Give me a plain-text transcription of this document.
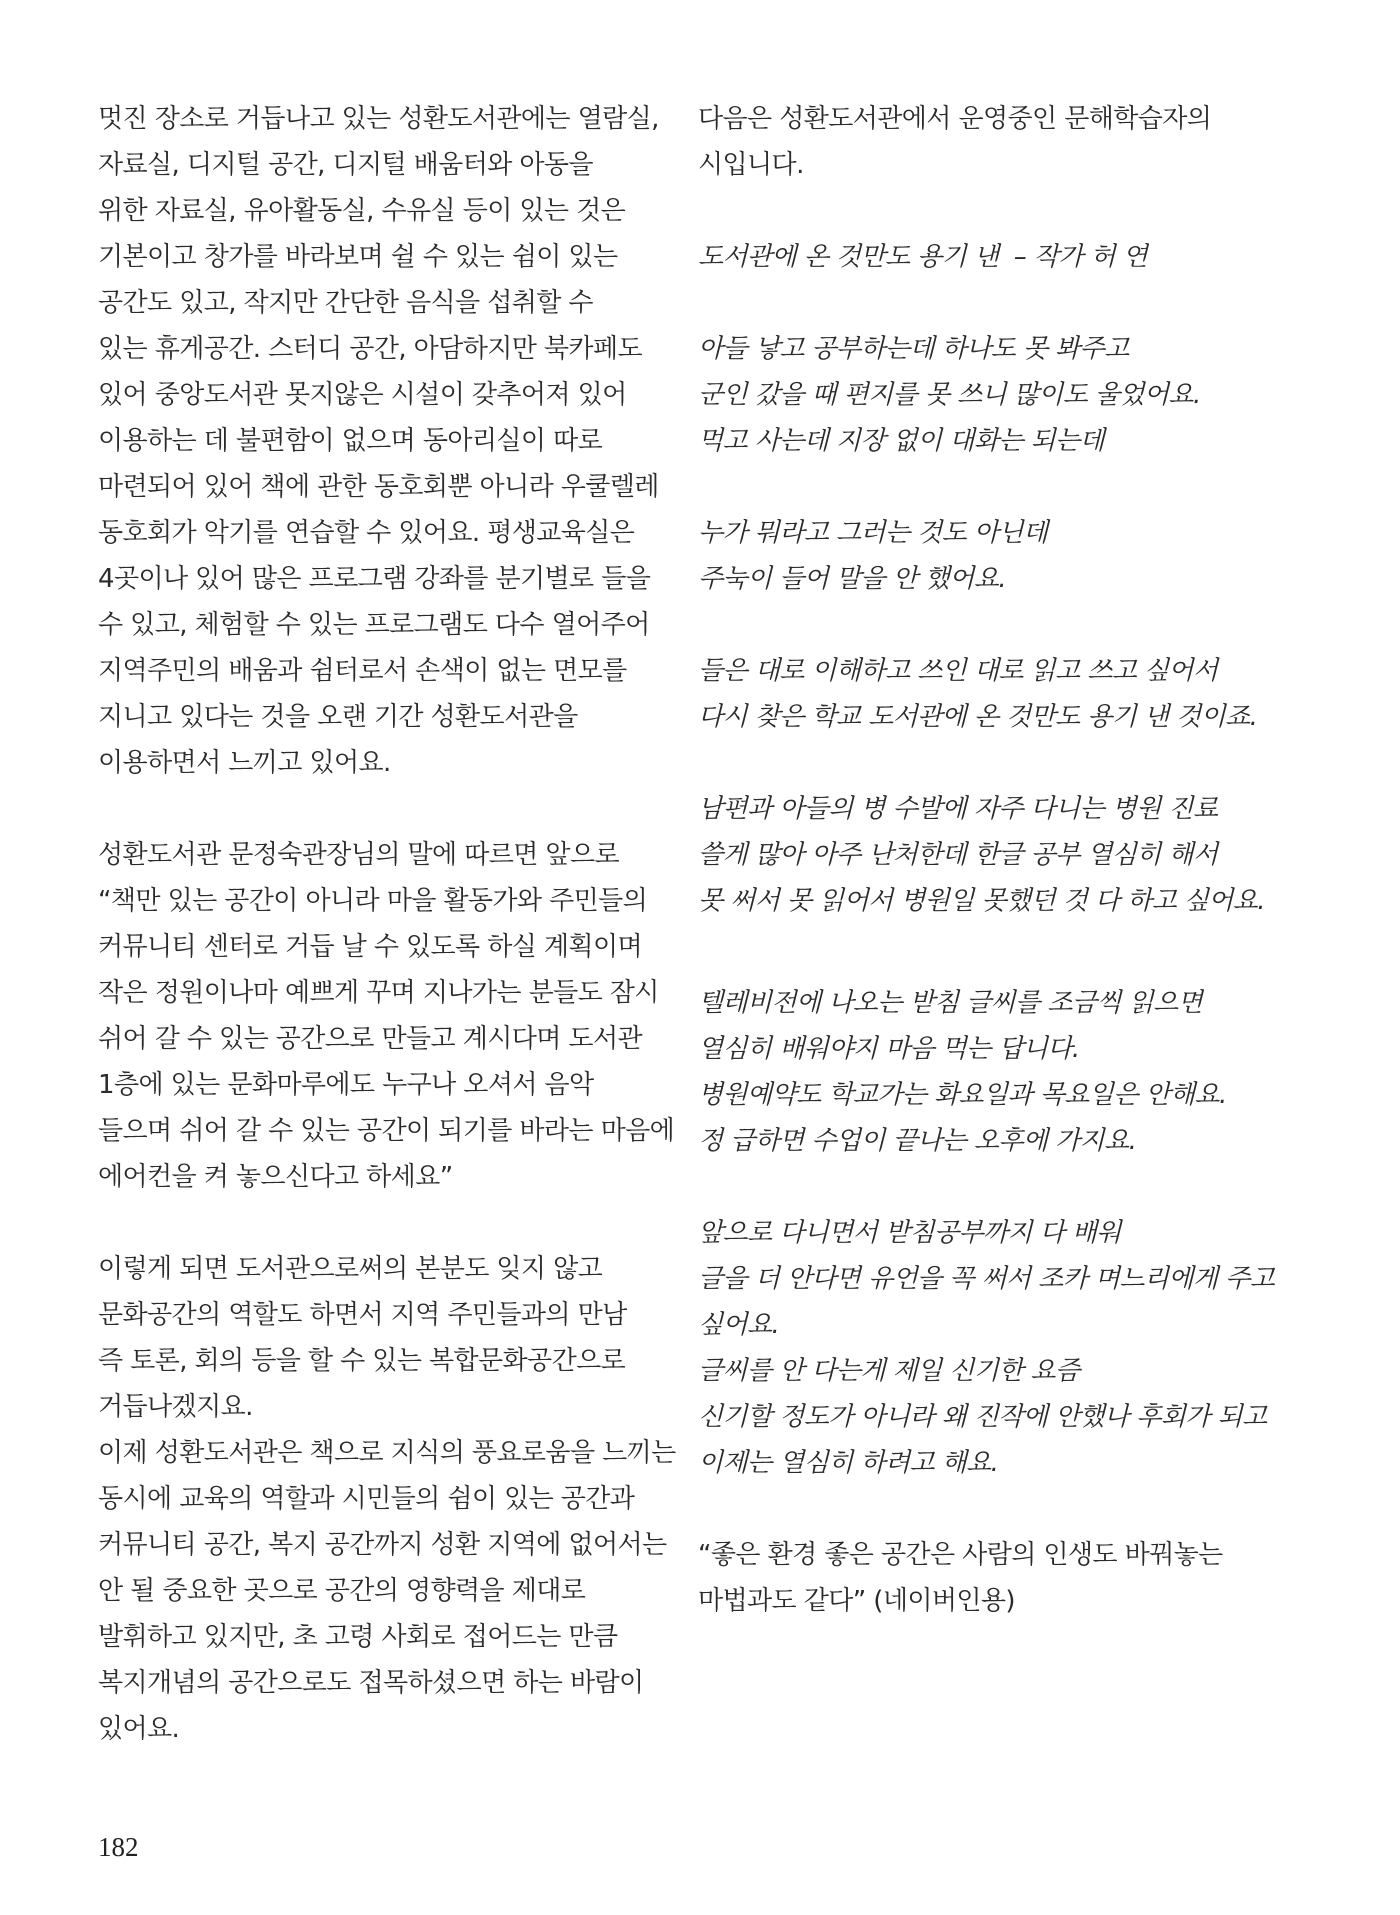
멋진 장소로 거듭나고 있는 성환도서관에는 열람실,
자료실, 디지털 공간, 디지털 배움터와 아동을
위한 자료실, 유아활동실, 수유실 등이 있는 것은
기본이고 창가를 바라보며 쉴 수 있는 쉼이 있는
공간도 있고, 작지만 간단한 음식을 섭취할 수
있는 휴게공간. 스터디 공간, 아담하지만 북카페도
있어 중앙도서관 못지않은 시설이 갖추어져 있어
이용하는 데 불편함이 없으며 동아리실이 따로
마련되어 있어 책에 관한 동호회뿐 아니라 우쿨렐레
동호회가 악기를 연습할 수 있어요. 평생교육실은
4곳이나 있어 많은 프로그램 강좌를 분기별로 들을
수 있고, 체험할 수 있는 프로그램도 다수 열어주어
지역주민의 배움과 쉼터로서 손색이 없는 면모를
지니고 있다는 것을 오랜 기간 성환도서관을
이용하면서 느끼고 있어요.
성환도서관 문정숙관장님의 말에 따르면 앞으로
“책만 있는 공간이 아니라 마을 활동가와 주민들의
커뮤니티 센터로 거듭 날 수 있도록 하실 계획이며
작은 정원이나마 예쁘게 꾸며 지나가는 분들도 잠시
쉬어 갈 수 있는 공간으로 만들고 계시다며 도서관
1층에 있는 문화마루에도 누구나 오셔서 음악
들으며 쉬어 갈 수 있는 공간이 되기를 바라는 마음에
에어컨을 켜 놓으신다고 하세요”
이렇게 되면 도서관으로써의 본분도 잊지 않고
문화공간의 역할도 하면서 지역 주민들과의 만남
즉 토론, 회의 등을 할 수 있는 복합문화공간으로
거듭나겠지요.
이제 성환도서관은 책으로 지식의 풍요로움을 느끼는
동시에 교육의 역할과 시민들의 쉼이 있는 공간과
커뮤니티 공간, 복지 공간까지 성환 지역에 없어서는
안 될 중요한 곳으로 공간의 영향력을 제대로
발휘하고 있지만, 초 고령 사회로 접어드는 만큼
복지개념의 공간으로도 접목하셨으면 하는 바람이
있어요.
다음은 성환도서관에서 운영중인 문해학습자의
시입니다.
도서관에 온 것만도 용기 낸 – 작가 허 연
아들 낳고 공부하는데 하나도 못 봐주고
군인 갔을 때 편지를 못 쓰니 많이도 울었어요.
먹고 사는데 지장 없이 대화는 되는데
누가 뭐라고 그러는 것도 아닌데
주눅이 들어 말을 안 했어요.
들은 대로 이해하고 쓰인 대로 읽고 쓰고 싶어서
다시 찾은 학교 도서관에 온 것만도 용기 낸 것이죠.
남편과 아들의 병 수발에 자주 다니는 병원 진료
쓸게 많아 아주 난처한데 한글 공부 열심히 해서
못 써서 못 읽어서 병원일 못했던 것 다 하고 싶어요.
텔레비전에 나오는 받침 글씨를 조금씩 읽으면
열심히 배워야지 마음 먹는 답니다.
병원예약도 학교가는 화요일과 목요일은 안해요.
정 급하면 수업이 끝나는 오후에 가지요.
앞으로 다니면서 받침공부까지 다 배워
글을 더 안다면 유언을 꼭 써서 조카 며느리에게 주고
싶어요.
글씨를 안 다는게 제일 신기한 요즘
신기할 정도가 아니라 왜 진작에 안했나 후회가 되고
이제는 열심히 하려고 해요.
“좋은 환경 좋은 공간은 사람의 인생도 바꿔놓는
마법과도 같다” (네이버인용)
182
